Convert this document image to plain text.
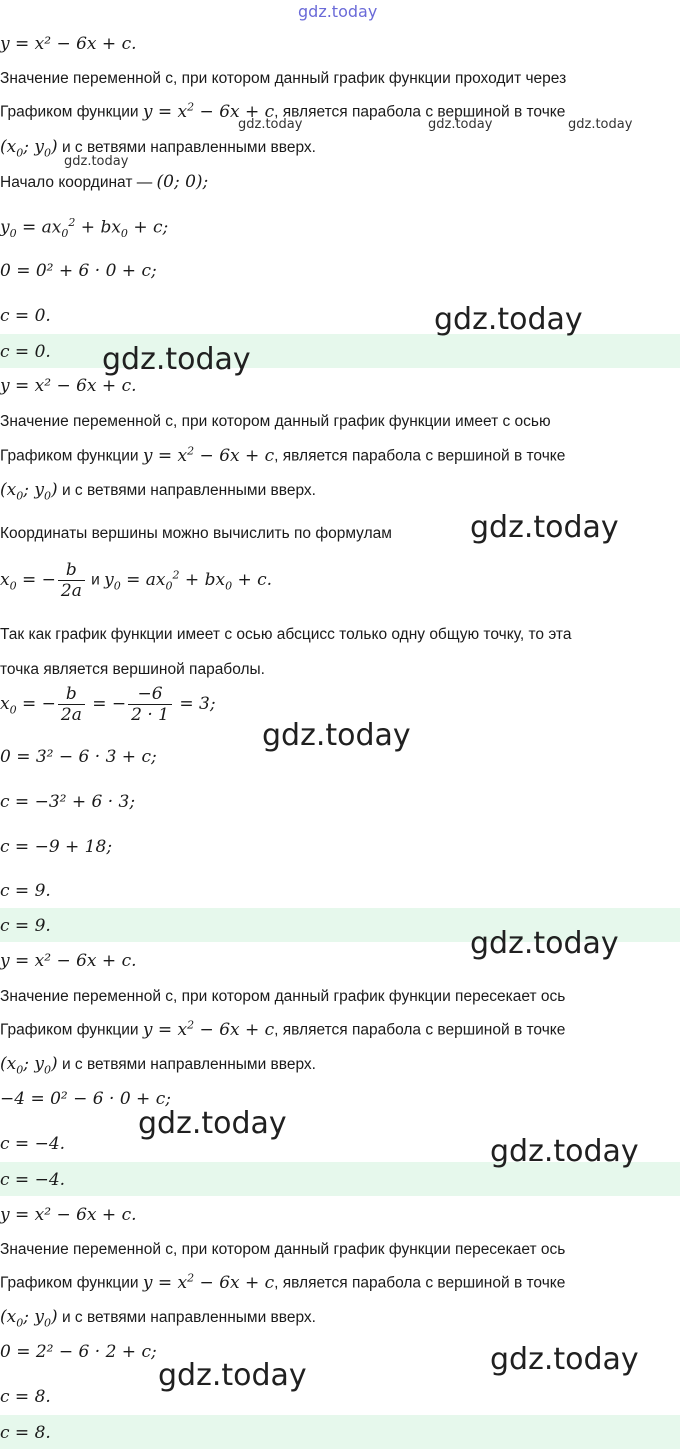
gdz.today
y = x² − 6x + c.
Значение переменной c, при котором данный график функции проходит через
Графиком функции $y = x^2 - 6x + c$, является парабола с вершиной в точке
($x_0$; $y_0$) и с ветвями направленными вверх.
Начало координат — (0; 0);
$y_0 = ax_0^2 + bx_0 + c$;
0 = 0² + 6 · 0 + c;
c = 0.
c = 0.
y = x² − 6x + c.
Значение переменной c, при котором данный график функции имеет с осью
Графиком функции $y = x^2 - 6x + c$, является парабола с вершиной в точке
($x_0$; $y_0$) и с ветвями направленными вверх.
Координаты вершины можно вычислить по формулам
$x_0$ = − $\frac{b}{2a}$ и $y_0 = ax_0^2 + bx_0 + c$.
Так как график функции имеет с осью абсцисс только одну общую точку, то эта
точка является вершиной параболы.
$x_0$ = − $\frac{b}{2a}$ = − $\frac{-6}{2 \cdot 1} = 3$;
0 = 3² − 6 · 3 + c;
c = −3² + 6 · 3;
c = −9 + 18;
c = 9.
c = 9.
y = x² − 6x + c.
Значение переменной c, при котором данный график функции пересекает ось
Графиком функции $y = x^2 - 6x + c$, является парабола с вершиной в точке
($x_0$; $y_0$) и с ветвями направленными вверх.
−4 = 0² − 6 · 0 + c;
c = −4.
c = −4.
y = x² − 6x + c.
Значение переменной c, при котором данный график функции пересекает ось
Графиком функции $y = x^2 - 6x + c$, является парабола с вершиной в точке
($x_0$; $y_0$) и с ветвями направленными вверх.
0 = 2² − 6 · 2 + c;
c = 8.
c = 8.
gdz.today	gdz.today	gdz.today
gdz.today
gdz.today
gdz.today
gdz.today
gdz.today
gdz.today
gdz.today
gdz.today
gdz.today
gdz.today
